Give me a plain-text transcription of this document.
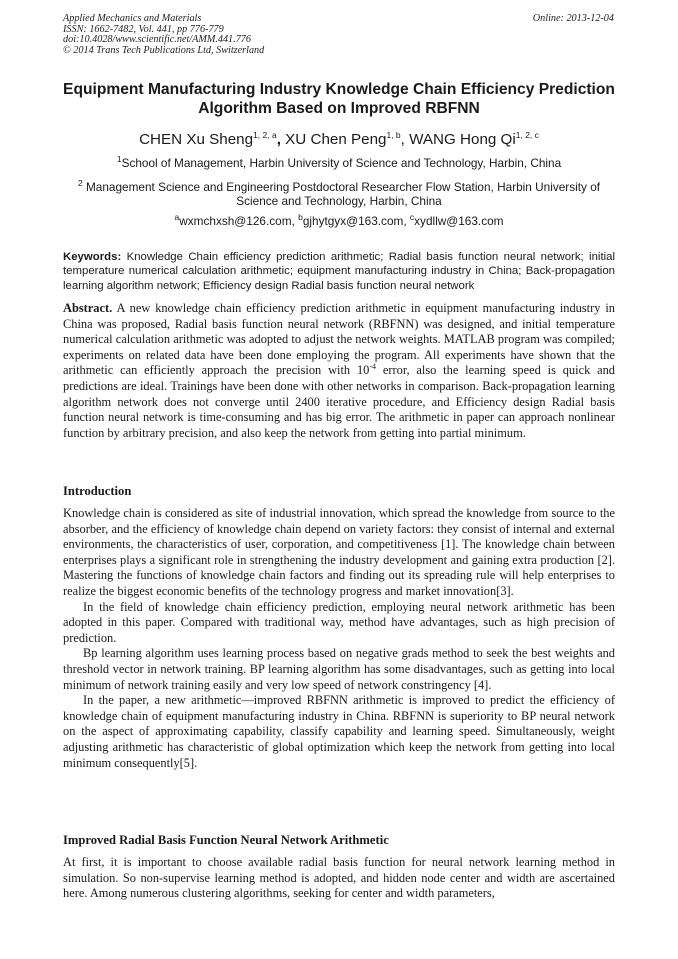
Applied Mechanics and Materials
ISSN: 1662-7482, Vol. 441, pp 776-779
doi:10.4028/www.scientific.net/AMM.441.776
© 2014 Trans Tech Publications Ltd, Switzerland
Online: 2013-12-04
Equipment Manufacturing Industry Knowledge Chain Efficiency Prediction Algorithm Based on Improved RBFNN
CHEN Xu Sheng$^{1, 2, a}$, XU Chen Peng$^{1, b}$, WANG Hong Qi$^{1, 2, c}$
$^1$School of Management, Harbin University of Science and Technology, Harbin, China
$^2$ Management Science and Engineering Postdoctoral Researcher Flow Station, Harbin University of Science and Technology, Harbin, China
$^a$wxmchxsh@126.com, $^b$gjhytgyx@163.com, $^c$xydllw@163.com
Keywords: Knowledge Chain efficiency prediction arithmetic; Radial basis function neural network; initial temperature numerical calculation arithmetic; equipment manufacturing industry in China; Back-propagation learning algorithm network; Efficiency design Radial basis function neural network

Abstract. A new knowledge chain efficiency prediction arithmetic in equipment manufacturing industry in China was proposed, Radial basis function neural network (RBFNN) was designed, and initial temperature numerical calculation arithmetic was adopted to adjust the network weights. MATLAB program was compiled; experiments on related data have been done employing the program. All experiments have shown that the arithmetic can efficiently approach the precision with $10^{-4}$ error, also the learning speed is quick and predictions are ideal. Trainings have been done with other networks in comparison. Back-propagation learning algorithm network does not converge until 2400 iterative procedure, and Efficiency design Radial basis function neural network is time-consuming and has big error. The arithmetic in paper can approach nonlinear function by arbitrary precision, and also keep the network from getting into partial minimum.

Introduction

Knowledge chain is considered as site of industrial innovation, which spread the knowledge from source to the absorber, and the efficiency of knowledge chain depend on variety factors: they consist of internal and external environments, the characteristics of user, corporation, and competitiveness [1]. The knowledge chain between enterprises plays a significant role in strengthening the industry development and gaining extra production [2]. Mastering the functions of knowledge chain factors and finding out its spreading rule will help enterprises to realize the biggest economic benefits of the technology progress and market innovation[3].

In the field of knowledge chain efficiency prediction, employing neural network arithmetic has been adopted in this paper. Compared with traditional way, method have advantages, such as high precision of prediction.

Bp learning algorithm uses learning process based on negative grads method to seek the best weights and threshold vector in network training. BP learning algorithm has some disadvantages, such as getting into local minimum of network training easily and very low speed of network constringency [4].

In the paper, a new arithmetic—improved RBFNN arithmetic is improved to predict the efficiency of knowledge chain of equipment manufacturing industry in China. RBFNN is superiority to BP neural network on the aspect of approximating capability, classify capability and learning speed. Simultaneously, weight adjusting arithmetic has characteristic of global optimization which keep the network from getting into local minimum consequently[5].

Improved Radial Basis Function Neural Network Arithmetic

At first, it is important to choose available radial basis function for neural network learning method in simulation. So non-supervise learning method is adopted, and hidden node center and width are ascertained here. Among numerous clustering algorithms, seeking for center and width parameters,
